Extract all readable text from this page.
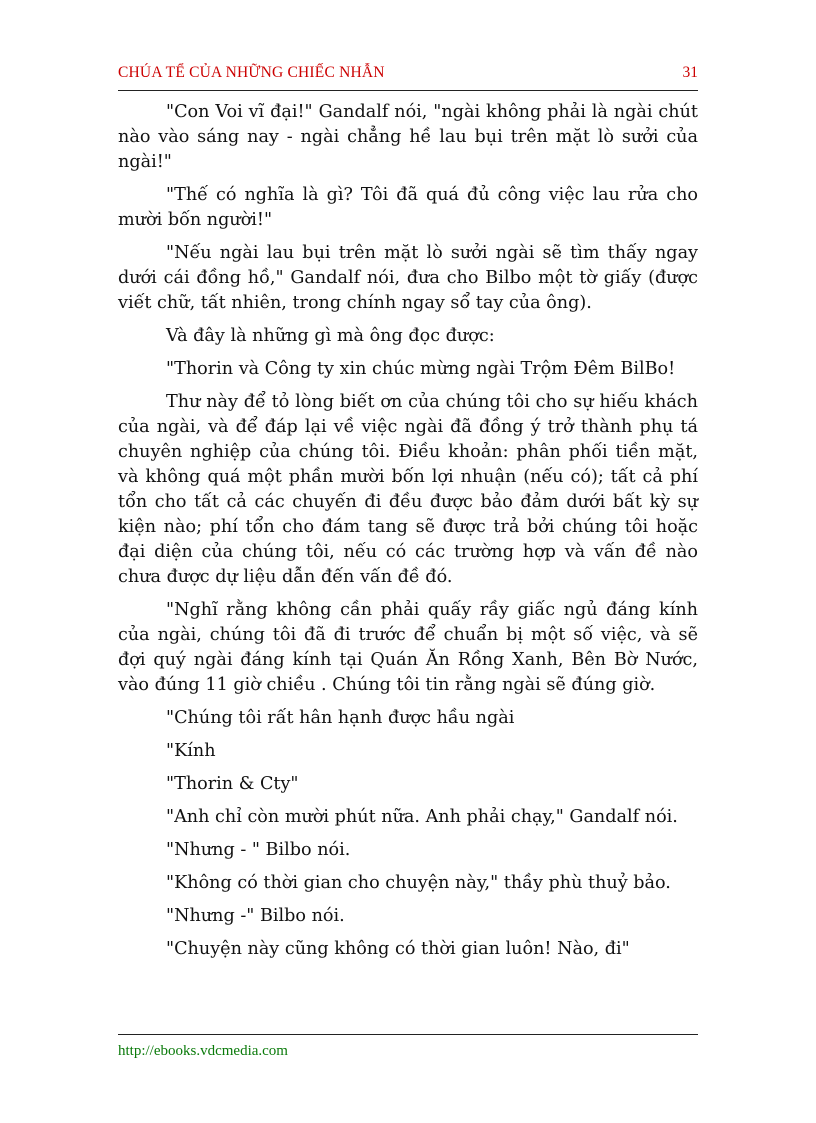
CHÚA TỂ CỦA NHỮNG CHIẾC NHẪN	31

"Con Voi vĩ đại!" Gandalf nói, "ngài không phải là ngài chút nào vào sáng nay - ngài chẳng hề lau bụi trên mặt lò sưởi của ngài!"

"Thế có nghĩa là gì? Tôi đã quá đủ công việc lau rửa cho mười bốn người!"

"Nếu ngài lau bụi trên mặt lò sưởi ngài sẽ tìm thấy ngay dưới cái đồng hồ," Gandalf nói, đưa cho Bilbo một tờ giấy (được viết chữ, tất nhiên, trong chính ngay sổ tay của ông).

Và đây là những gì mà ông đọc được:

"Thorin và Công ty xin chúc mừng ngài Trộm Đêm BilBo!

Thư này để tỏ lòng biết ơn của chúng tôi cho sự hiếu khách của ngài, và để đáp lại về việc ngài đã đồng ý trở thành phụ tá chuyên nghiệp của chúng tôi. Điều khoản: phân phối tiền mặt, và không quá một phần mười bốn lợi nhuận (nếu có); tất cả phí tổn cho tất cả các chuyến đi đều được bảo đảm dưới bất kỳ sự kiện nào; phí tổn cho đám tang sẽ được trả bởi chúng tôi hoặc đại diện của chúng tôi, nếu có các trường hợp và vấn đề nào chưa được dự liệu dẫn đến vấn đề đó.

"Nghĩ rằng không cần phải quấy rầy giấc ngủ đáng kính của ngài, chúng tôi đã đi trước để chuẩn bị một số việc, và sẽ đợi quý ngài đáng kính tại Quán Ăn Rồng Xanh, Bên Bờ Nước, vào đúng 11 giờ chiều . Chúng tôi tin rằng ngài sẽ đúng giờ.

"Chúng tôi rất hân hạnh được hầu ngài

"Kính

"Thorin & Cty"

"Anh chỉ còn mười phút nữa. Anh phải chạy," Gandalf nói.

"Nhưng - " Bilbo nói.

"Không có thời gian cho chuyện này," thầy phù thuỷ bảo.

"Nhưng -" Bilbo nói.

"Chuyện này cũng không có thời gian luôn! Nào, đi"

http://ebooks.vdcmedia.com
